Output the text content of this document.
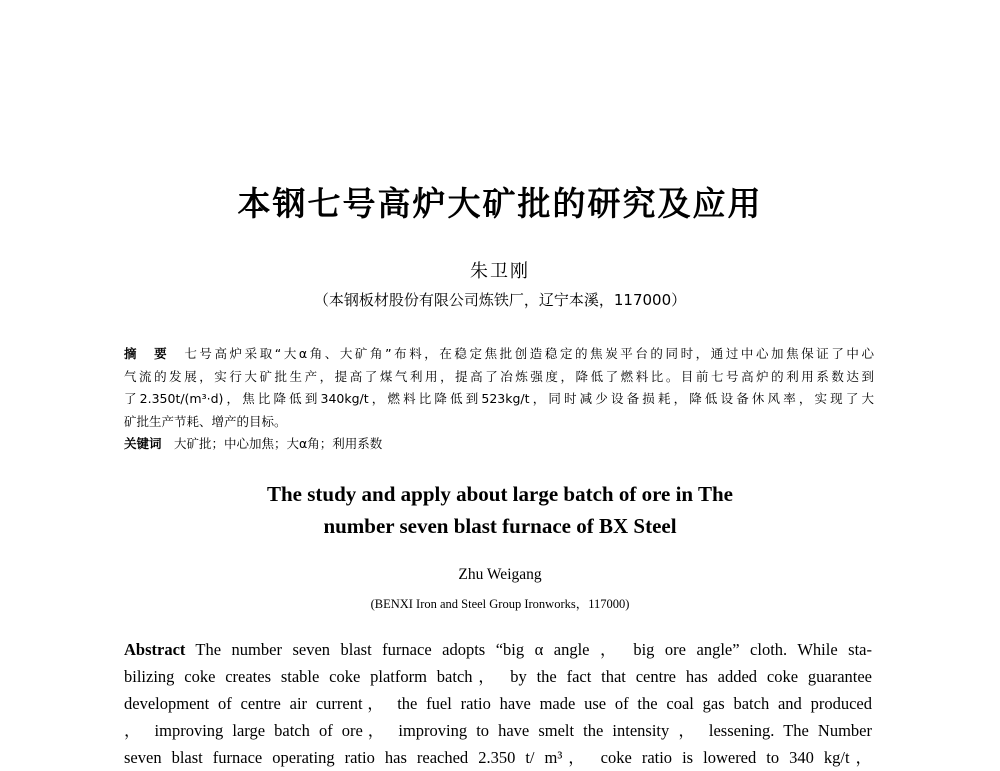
本钢七号高炉大矿批的研究及应用
朱卫刚
（本钢板材股份有限公司炼铁厂，辽宁本溪，117000）
摘　要　 七号高炉采取“大α角、大矿角”布料，在稳定焦批创造稳定的焦炭平台的同时，通过中心加焦保证了中心
气流的发展，实行大矿批生产，提高了煤气利用，提高了冶炼强度，降低了燃料比。目前七号高炉的利用系数达到
了2.350t/(m³·d)，焦比降低到340kg/t，燃料比降低到523kg/t，同时减少设备损耗，降低设备休风率，实现了大
矿批生产节耗、增产的目标。
关键词　 大矿批；中心加焦；大α角；利用系数
The study and apply about large batch of ore in The
number seven blast furnace of BX Steel
Zhu Weigang
(BENXI Iron and Steel Group Ironworks，117000)
Abstract The number seven blast furnace adopts “big α angle ， big ore angle” cloth. While sta-
bilizing coke creates stable coke platform batch， by the fact that centre has added coke guarantee
development of centre air current， the fuel ratio have made use of the coal gas batch and produced
， improving large batch of ore， improving to have smelt the intensity ， lessening. The Number
seven blast furnace operating ratio has reached 2.350 t/ m³， coke ratio is lowered to 340 kg/t，
